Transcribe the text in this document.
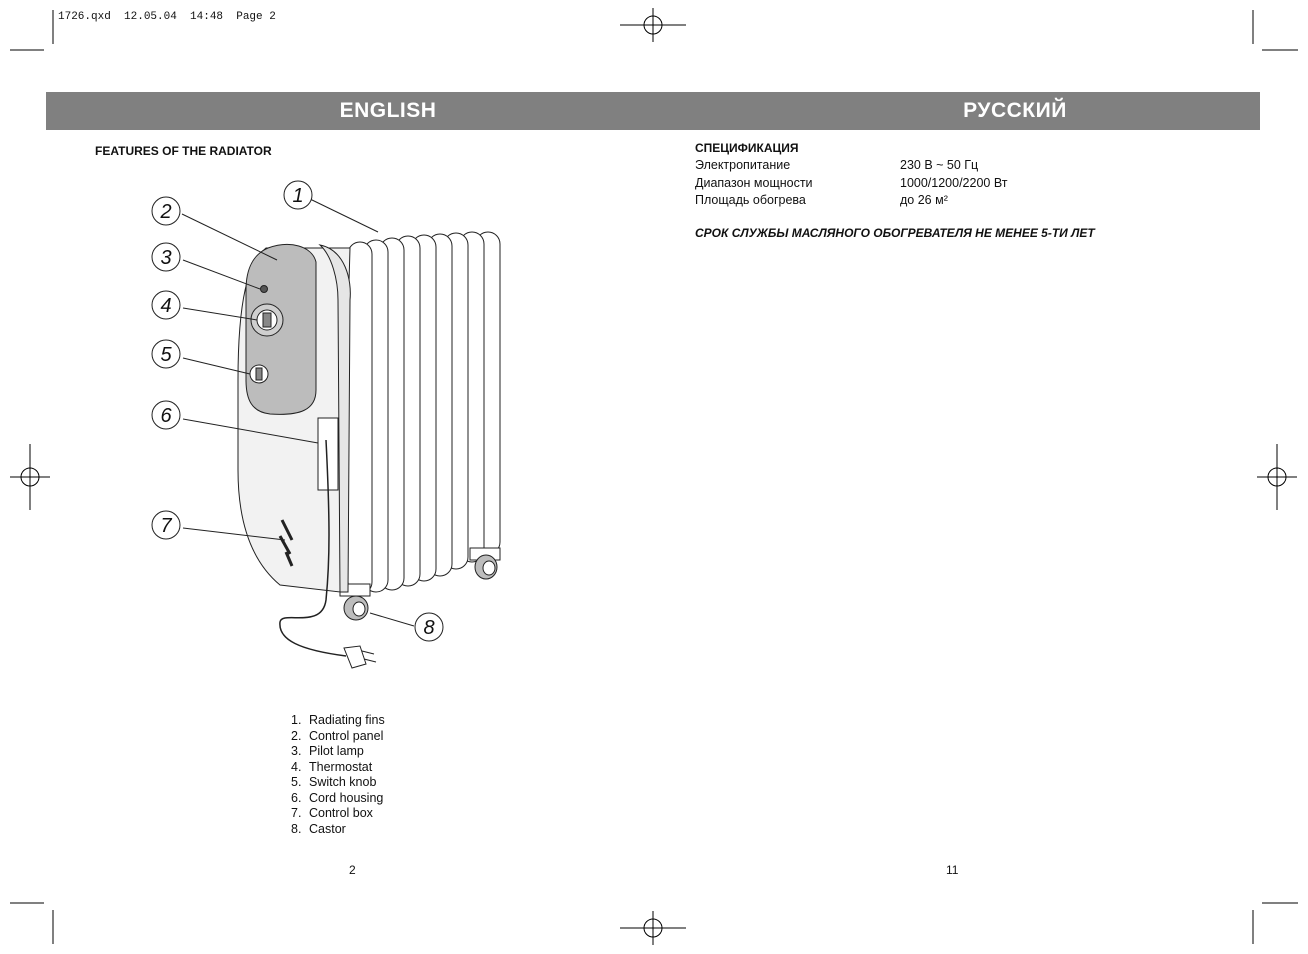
1726.qxd  12.05.04  14:48  Page 2
ENGLISH	РУССКИЙ
FEATURES OF THE RADIATOR
1
2
3
4
5
6
7
8
1. Radiating fins
2. Control panel
3. Pilot lamp
4. Thermostat
5. Switch knob
6. Cord housing
7. Control box
8. Castor
СПЕЦИФИКАЦИЯ
Электропитание	230 В ~ 50 Гц
Диапазон мощности	1000/1200/2200 Вт
Площадь обогрева	до 26 м²
СРОК СЛУЖБЫ МАСЛЯНОГО ОБОГРЕВАТЕЛЯ НЕ МЕНЕЕ 5-ТИ ЛЕТ
2	11
